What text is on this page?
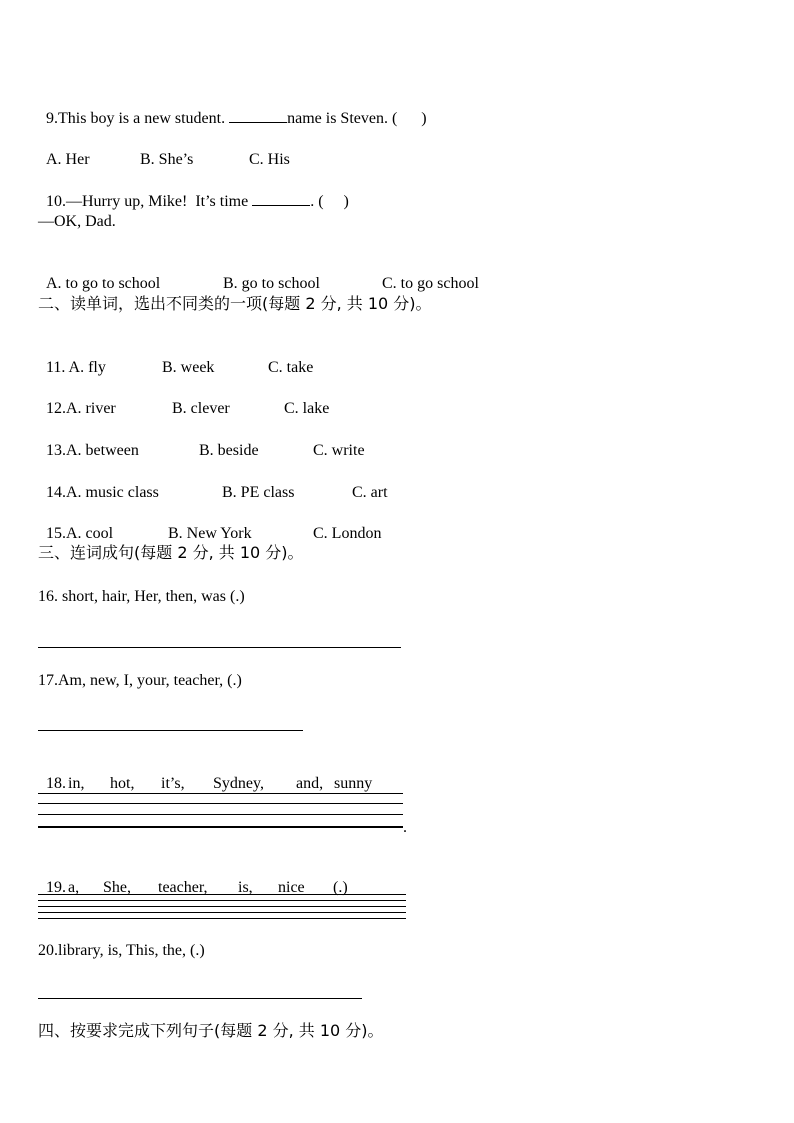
9.This boy is a new student.	name is Steven. (      )

A. Her	B. She’s	C. His

10.—Hurry up, Mike!  It’s time	. (     )

—OK, Dad.

A. to go to school	B. go to school	C. to go school

二、读单词，选出不同类的一项(每题 2 分, 共 10 分)。

11. A. fly	B. week	C. take

12.A. river	B. clever	C. lake

13.A. between	B. beside	C. write

14.A. music class	B. PE class	C. art

15.A. cool	B. New York	C. London

三、连词成句(每题 2 分, 共 10 分)。
16. short, hair, Her, then, was (.)
17.Am, new, I, your, teacher, (.)

18. in, hot, it’s, Sydney, and, sunny

.

19. a, She, teacher, is, nice (.)

20.library, is, This, the, (.)
四、按要求完成下列句子(每题 2 分, 共 10 分)。
